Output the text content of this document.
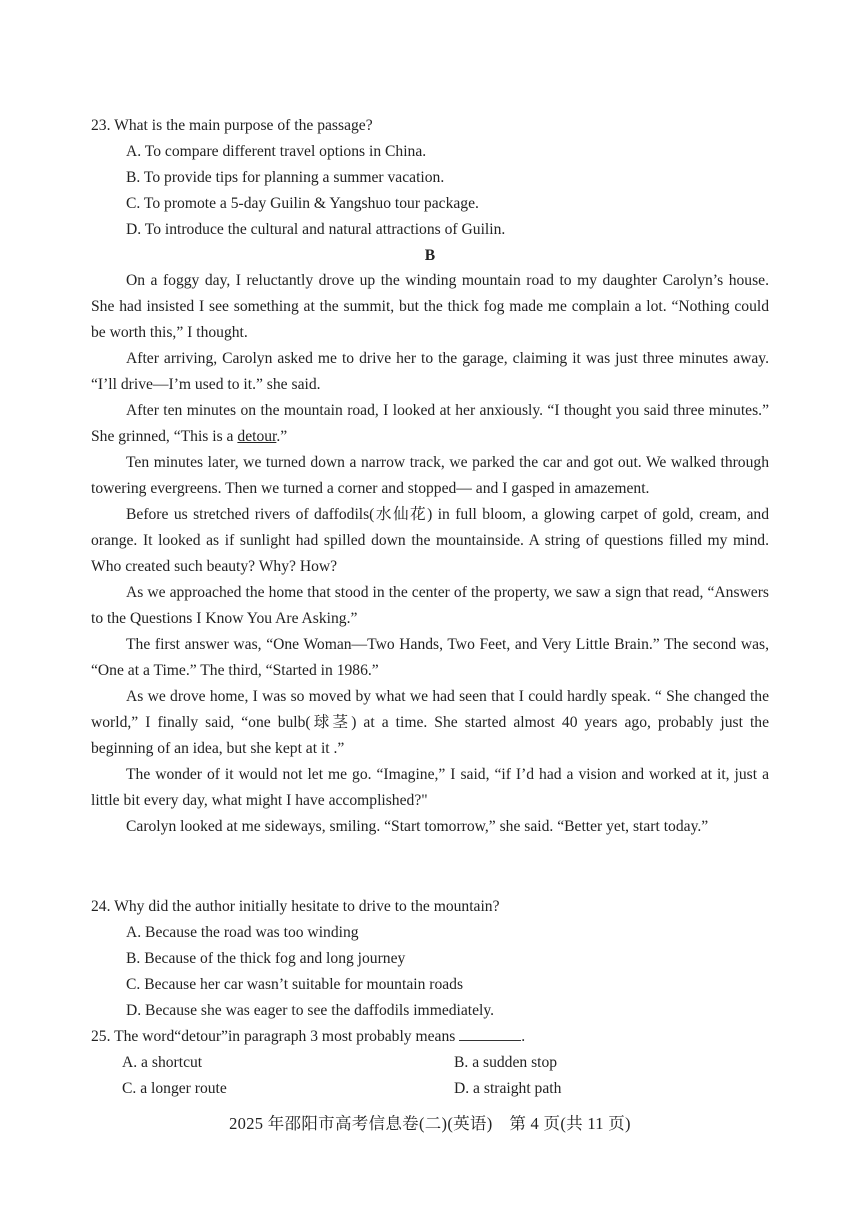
23. What is the main purpose of the passage?
A. To compare different travel options in China.
B. To provide tips for planning a summer vacation.
C. To promote a 5-day Guilin & Yangshuo tour package.
D. To introduce the cultural and natural attractions of Guilin.
B

On a foggy day, I reluctantly drove up the winding mountain road to my daughter Carolyn’s house. She had insisted I see something at the summit, but the thick fog made me complain a lot. “Nothing could be worth this,” I thought.

After arriving, Carolyn asked me to drive her to the garage, claiming it was just three minutes away. “I’ll drive—I’m used to it.” she said.

After ten minutes on the mountain road, I looked at her anxiously. “I thought you said three minutes.” She grinned, “This is a detour.”

Ten minutes later, we turned down a narrow track, we parked the car and got out. We walked through towering evergreens. Then we turned a corner and stopped— and I gasped in amazement.

Before us stretched rivers of daffodils(水仙花) in full bloom, a glowing carpet of gold, cream, and orange. It looked as if sunlight had spilled down the mountainside. A string of questions filled my mind. Who created such beauty? Why? How?

As we approached the home that stood in the center of the property, we saw a sign that read, “Answers to the Questions I Know You Are Asking.”

The first answer was, “One Woman—Two Hands, Two Feet, and Very Little Brain.” The second was, “One at a Time.” The third, “Started in 1986.”

As we drove home, I was so moved by what we had seen that I could hardly speak. “ She changed the world,” I finally said, “one bulb(球茎) at a time. She started almost 40 years ago, probably just the beginning of an idea, but she kept at it .”

The wonder of it would not let me go. “Imagine,” I said, “if I’d had a vision and worked at it, just a little bit every day, what might I have accomplished?"

Carolyn looked at me sideways, smiling. “Start tomorrow,” she said. “Better yet, start today.”

24. Why did the author initially hesitate to drive to the mountain?
A. Because the road was too winding
B. Because of the thick fog and long journey
C. Because her car wasn’t suitable for mountain roads
D. Because she was eager to see the daffodils immediately.
25. The word“detour”in paragraph 3 most probably means	.
A. a shortcut	B. a sudden stop
C. a longer route	D. a straight path
2025 年邵阳市高考信息卷(二)(英语)　第 4 页(共 11 页)
